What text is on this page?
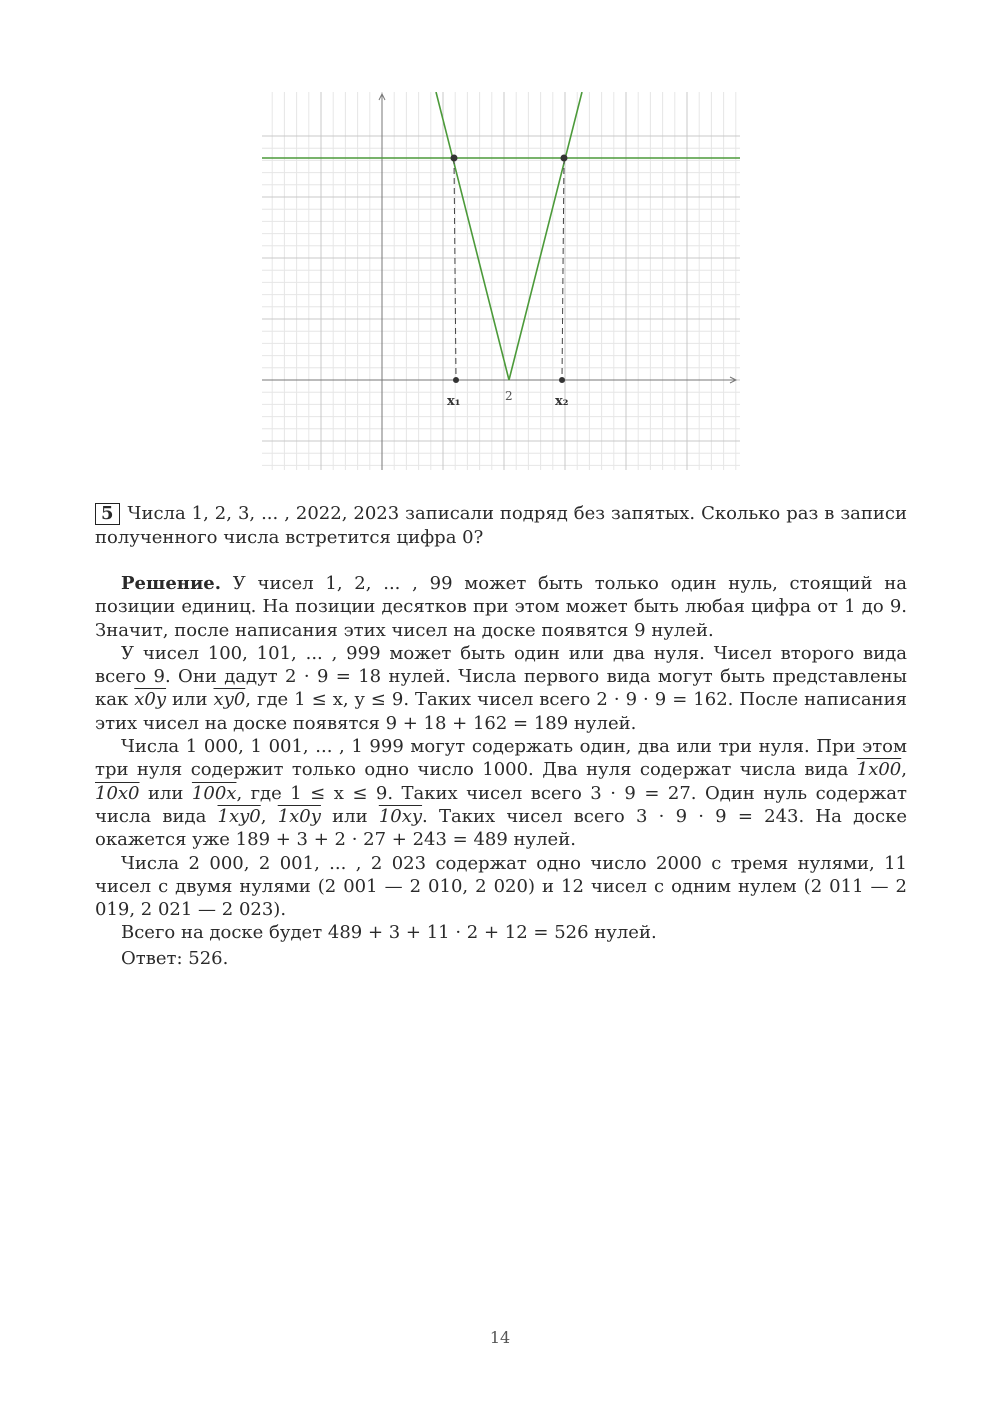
x₁	2	x₂
5 Числа 1, 2, 3, ... , 2022, 2023 записали подряд без запятых. Сколько раз в записи полученного числа встретится цифра 0?

Решение. У чисел 1, 2, ... , 99 может быть только один нуль, стоящий на позиции единиц. На позиции десятков при этом может быть любая цифра от 1 до 9. Значит, после написания этих чисел на доске появятся 9 нулей.

У чисел 100, 101, ... , 999 может быть один или два нуля. Чисел второго вида всего 9. Они дадут 2 · 9 = 18 нулей. Числа первого вида могут быть представлены как x0y или xy0, где 1 ≤ x, y ≤ 9. Таких чисел всего 2 · 9 · 9 = 162. После написания этих чисел на доске появятся 9 + 18 + 162 = 189 нулей.

Числа 1 000, 1 001, ... , 1 999 могут содержать один, два или три нуля. При этом три нуля содержит только одно число 1000. Два нуля содержат числа вида 1x00, 10x0 или 100x, где 1 ≤ x ≤ 9. Таких чисел всего 3 · 9 = 27. Один нуль содержат числа вида 1xy0, 1x0y или 10xy. Таких чисел всего 3 · 9 · 9 = 243. На доске окажется уже 189 + 3 + 2 · 27 + 243 = 489 нулей.

Числа 2 000, 2 001, ... , 2 023 содержат одно число 2000 с тремя нулями, 11 чисел с двумя нулями (2 001 — 2 010, 2 020) и 12 чисел с одним нулем (2 011 — 2 019, 2 021 — 2 023).

Всего на доске будет 489 + 3 + 11 · 2 + 12 = 526 нулей.

Ответ: 526.
14
